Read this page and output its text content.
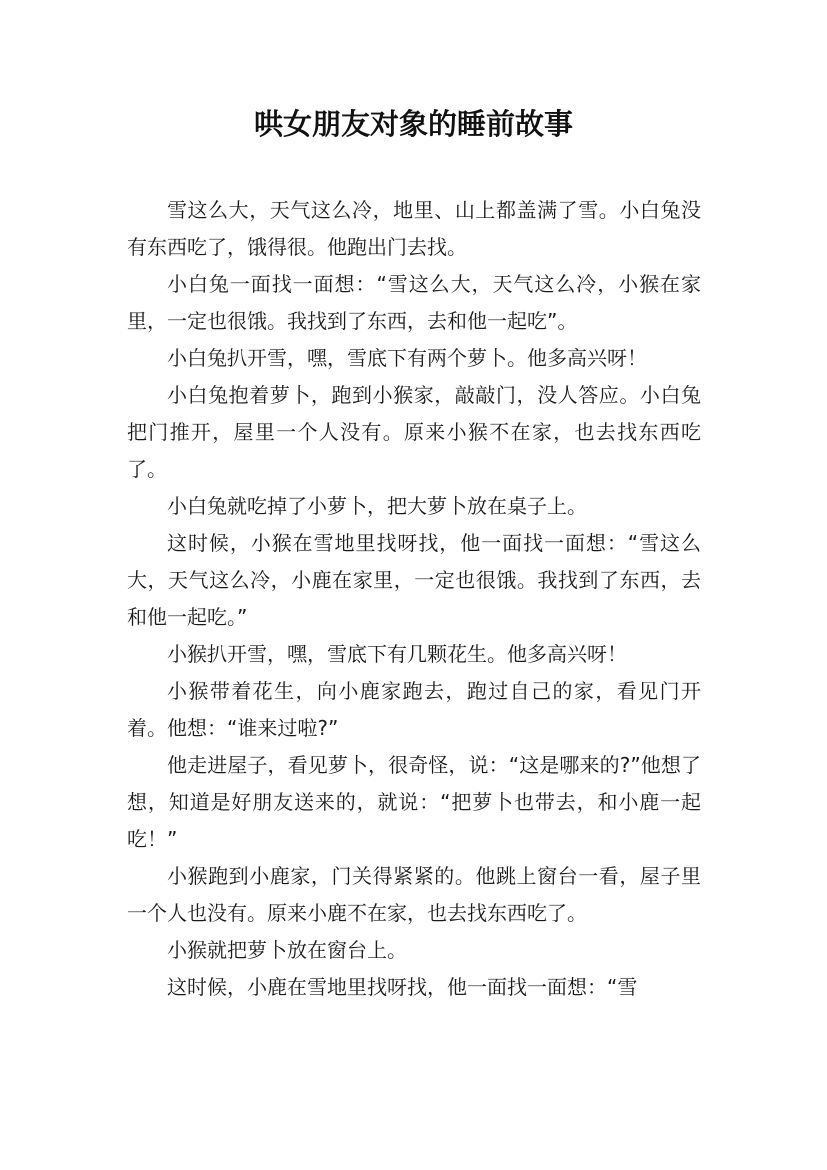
哄女朋友对象的睡前故事

雪这么大，天气这么冷，地里、山上都盖满了雪。小白兔没有东西吃了，饿得很。他跑出门去找。

小白兔一面找一面想：“雪这么大，天气这么冷，小猴在家里，一定也很饿。我找到了东西，去和他一起吃”。

小白兔扒开雪，嘿，雪底下有两个萝卜。他多高兴呀！

小白兔抱着萝卜，跑到小猴家，敲敲门，没人答应。小白兔把门推开，屋里一个人没有。原来小猴不在家，也去找东西吃了。

小白兔就吃掉了小萝卜，把大萝卜放在桌子上。

这时候，小猴在雪地里找呀找，他一面找一面想：“雪这么大，天气这么冷，小鹿在家里，一定也很饿。我找到了东西，去和他一起吃。”

小猴扒开雪，嘿，雪底下有几颗花生。他多高兴呀！

小猴带着花生，向小鹿家跑去，跑过自己的家，看见门开着。他想：“谁来过啦?”

他走进屋子，看见萝卜，很奇怪，说：“这是哪来的?”他想了想，知道是好朋友送来的，就说：“把萝卜也带去，和小鹿一起吃！”

小猴跑到小鹿家，门关得紧紧的。他跳上窗台一看，屋子里一个人也没有。原来小鹿不在家，也去找东西吃了。

小猴就把萝卜放在窗台上。

这时候，小鹿在雪地里找呀找，他一面找一面想：“雪
